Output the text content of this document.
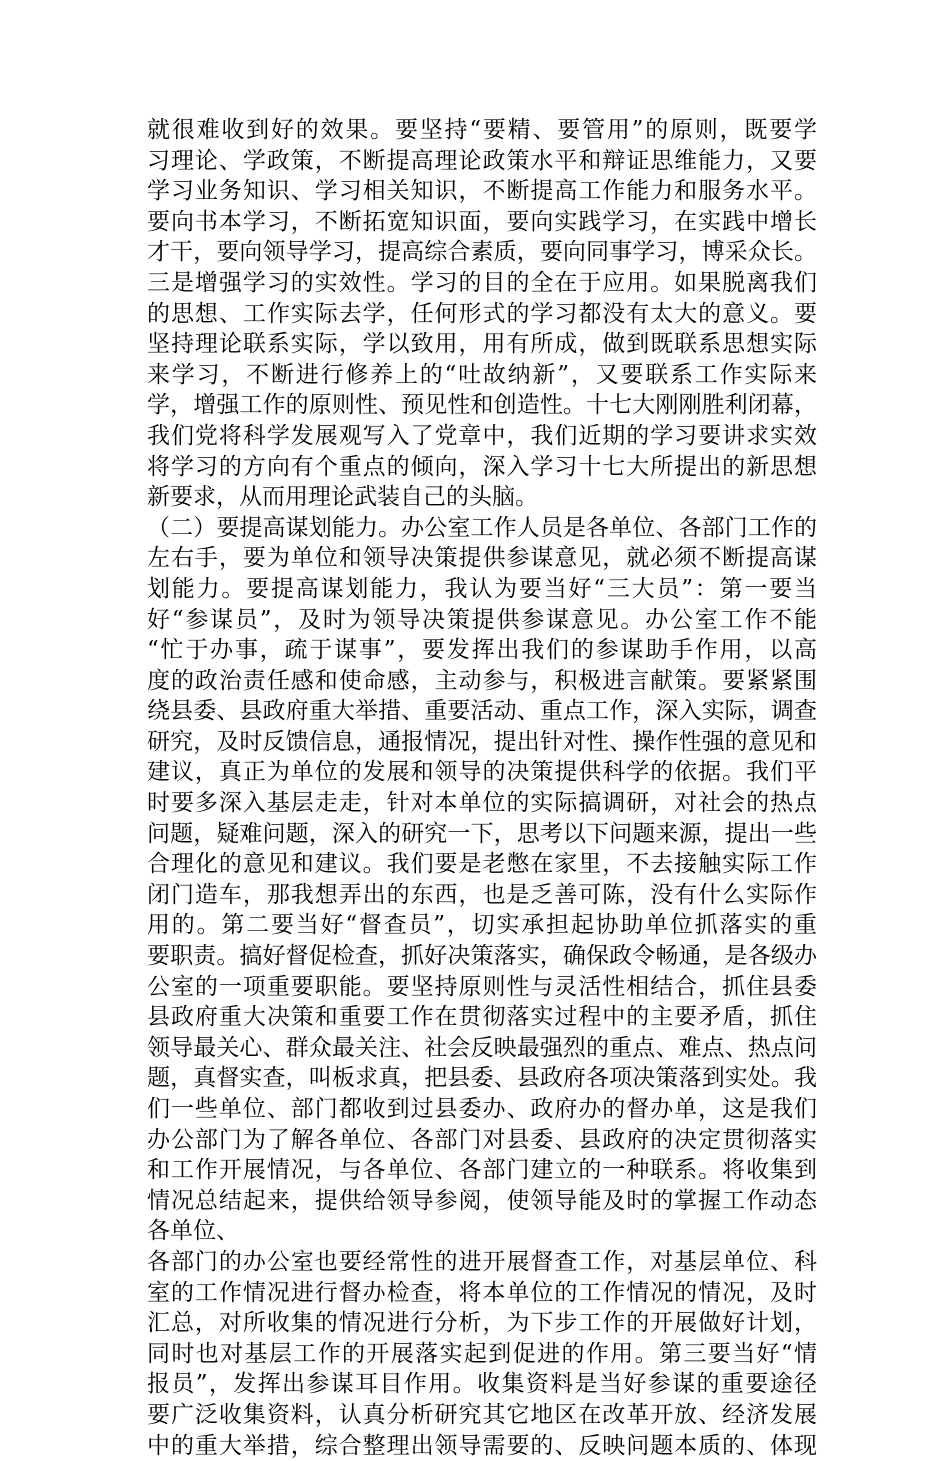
就很难收到好的效果。要坚持“要精、要管用”的原则，既要学
习理论、学政策，不断提高理论政策水平和辩证思维能力，又要
学习业务知识、学习相关知识，不断提高工作能力和服务水平。
要向书本学习，不断拓宽知识面，要向实践学习，在实践中增长
才干，要向领导学习，提高综合素质，要向同事学习，博采众长。
三是增强学习的实效性。学习的目的全在于应用。如果脱离我们
的思想、工作实际去学，任何形式的学习都没有太大的意义。要
坚持理论联系实际，学以致用，用有所成，做到既联系思想实际
来学习，不断进行修养上的“吐故纳新”，又要联系工作实际来
学，增强工作的原则性、预见性和创造性。十七大刚刚胜利闭幕，
我们党将科学发展观写入了党章中，我们近期的学习要讲求实效
将学习的方向有个重点的倾向，深入学习十七大所提出的新思想
新要求，从而用理论武装自己的头脑。
（二）要提高谋划能力。办公室工作人员是各单位、各部门工作的
左右手，要为单位和领导决策提供参谋意见，就必须不断提高谋
划能力。要提高谋划能力，我认为要当好“三大员”：第一要当
好“参谋员”，及时为领导决策提供参谋意见。办公室工作不能
“忙于办事，疏于谋事”，要发挥出我们的参谋助手作用，以高
度的政治责任感和使命感，主动参与，积极进言献策。要紧紧围
绕县委、县政府重大举措、重要活动、重点工作，深入实际，调查
研究，及时反馈信息，通报情况，提出针对性、操作性强的意见和
建议，真正为单位的发展和领导的决策提供科学的依据。我们平
时要多深入基层走走，针对本单位的实际搞调研，对社会的热点
问题，疑难问题，深入的研究一下，思考以下问题来源，提出一些
合理化的意见和建议。我们要是老憋在家里，不去接触实际工作
闭门造车，那我想弄出的东西，也是乏善可陈，没有什么实际作
用的。第二要当好“督查员”，切实承担起协助单位抓落实的重
要职责。搞好督促检查，抓好决策落实，确保政令畅通，是各级办
公室的一项重要职能。要坚持原则性与灵活性相结合，抓住县委
县政府重大决策和重要工作在贯彻落实过程中的主要矛盾，抓住
领导最关心、群众最关注、社会反映最强烈的重点、难点、热点问
题，真督实查，叫板求真，把县委、县政府各项决策落到实处。我
们一些单位、部门都收到过县委办、政府办的督办单，这是我们
办公部门为了解各单位、各部门对县委、县政府的决定贯彻落实
和工作开展情况，与各单位、各部门建立的一种联系。将收集到
情况总结起来，提供给领导参阅，使领导能及时的掌握工作动态
各单位、
各部门的办公室也要经常性的进开展督查工作，对基层单位、科
室的工作情况进行督办检查，将本单位的工作情况的情况，及时
汇总，对所收集的情况进行分析，为下步工作的开展做好计划，
同时也对基层工作的开展落实起到促进的作用。第三要当好“情
报员”，发挥出参谋耳目作用。收集资料是当好参谋的重要途径
要广泛收集资料，认真分析研究其它地区在改革开放、经济发展
中的重大举措，综合整理出领导需要的、反映问题本质的、体现
